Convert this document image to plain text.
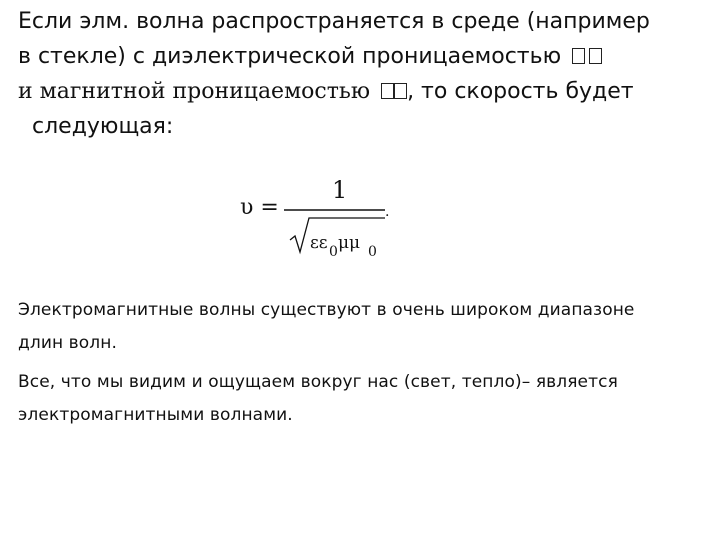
Если элм. волна распространяется в среде (например
в стекле) с диэлектрической проницаемостью
и магнитной проницаемостью , то скорость будет
следующая:
υ =
1
εε 0 μμ 0
.

Электромагнитные волны существуют в очень широком диапазоне
длин волн.

Все, что мы видим и ощущаем вокруг нас (свет, тепло)– является
электромагнитными волнами.
